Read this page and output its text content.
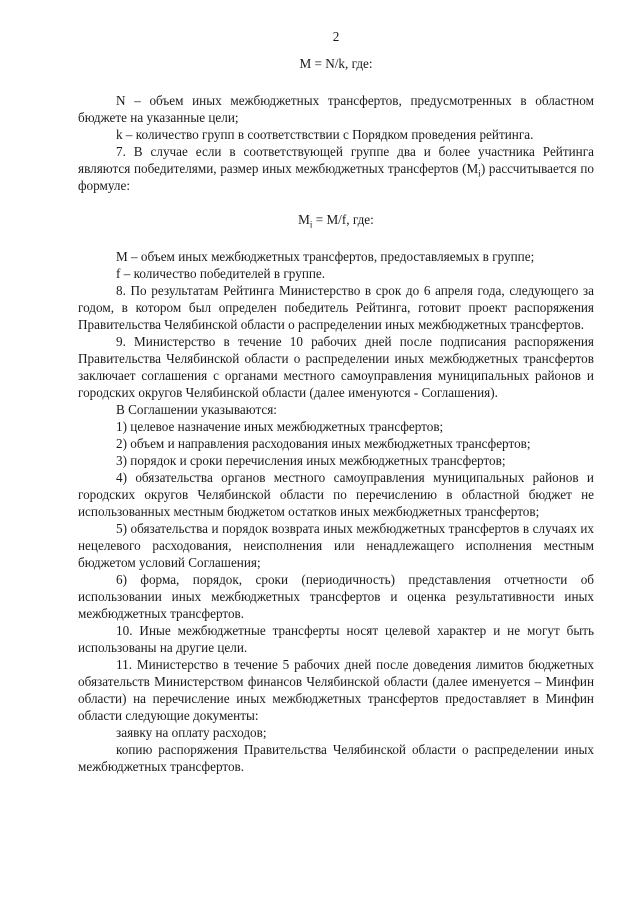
2

M = N/k, где:

N – объем иных межбюджетных трансфертов, предусмотренных в областном бюджете на указанные цели;

k – количество групп в соответствствии с Порядком проведения рейтинга.

7. В случае если в соответствующей группе два и более участника Рейтинга являются победителями, размер иных межбюджетных трансфертов $(M_i)$ рассчитывается по формуле:

$M_i = M/f$, где:

M – объем иных межбюджетных трансфертов, предоставляемых в группе;

f – количество победителей в группе.

8. По результатам Рейтинга Министерство в срок до 6 апреля года, следующего за годом, в котором был определен победитель Рейтинга, готовит проект распоряжения Правительства Челябинской области о распределении иных межбюджетных трансфертов.

9. Министерство в течение 10 рабочих дней после подписания распоряжения Правительства Челябинской области о распределении иных межбюджетных трансфертов заключает соглашения с органами местного самоуправления муниципальных районов и городских округов Челябинской области (далее именуются - Соглашения).

В Соглашении указываются:

1) целевое назначение иных межбюджетных трансфертов;

2) объем и направления расходования иных межбюджетных трансфертов;

3) порядок и сроки перечисления иных межбюджетных трансфертов;

4) обязательства органов местного самоуправления муниципальных районов и городских округов Челябинской области по перечислению в областной бюджет не использованных местным бюджетом остатков иных межбюджетных трансфертов;

5) обязательства и порядок возврата иных межбюджетных трансфертов в случаях их нецелевого расходования, неисполнения или ненадлежащего исполнения местным бюджетом условий Соглашения;

6) форма, порядок, сроки (периодичность) представления отчетности об использовании иных межбюджетных трансфертов и оценка результативности иных межбюджетных трансфертов.

10. Иные межбюджетные трансферты носят целевой характер и не могут быть использованы на другие цели.

11. Министерство в течение 5 рабочих дней после доведения лимитов бюджетных обязательств Министерством финансов Челябинской области (далее именуется – Минфин области) на перечисление иных межбюджетных трансфертов предоставляет в Минфин области следующие документы:

заявку на оплату расходов;

копию распоряжения Правительства Челябинской области о распределении иных межбюджетных трансфертов.
